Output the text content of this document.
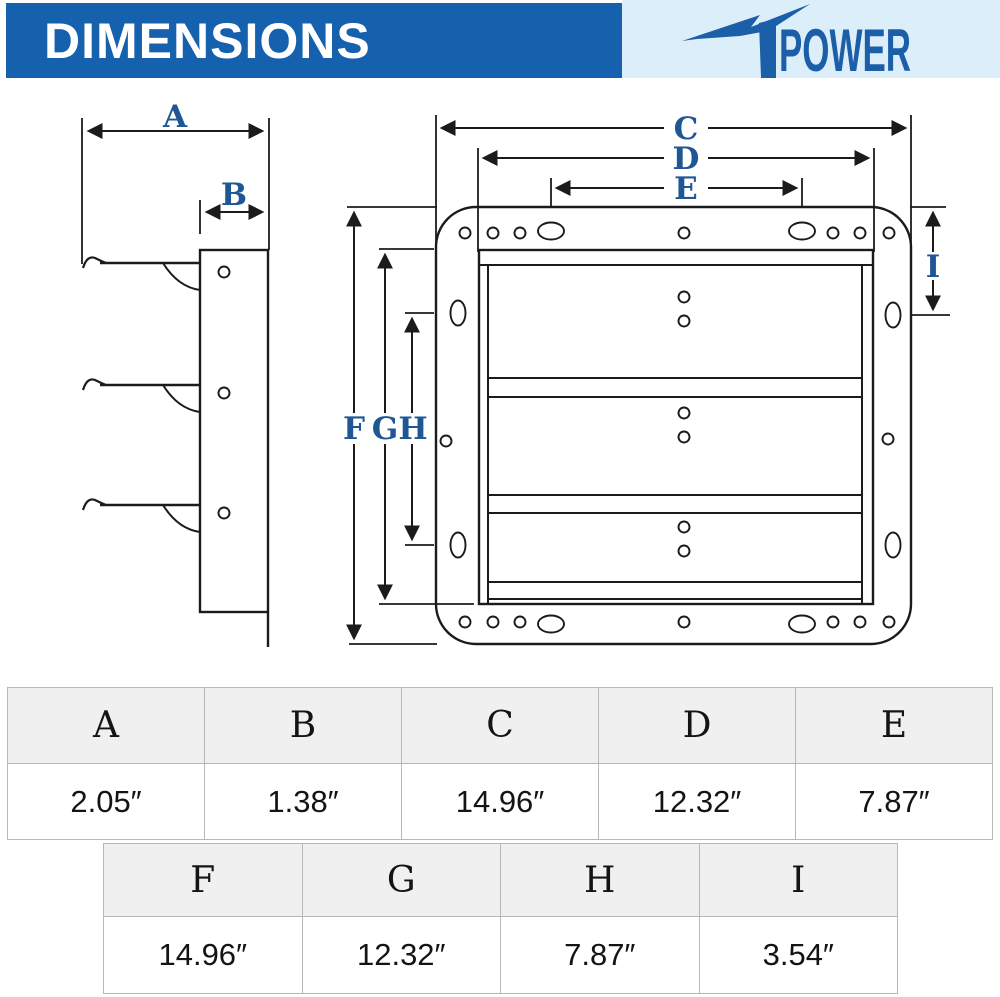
DIMENSIONS	POWER
A
B
C
D
E
F G H
I
A	B	C	D	E
2.05″	1.38″	14.96″	12.32″	7.87″
F	G	H	I
14.96″	12.32″	7.87″	3.54″
